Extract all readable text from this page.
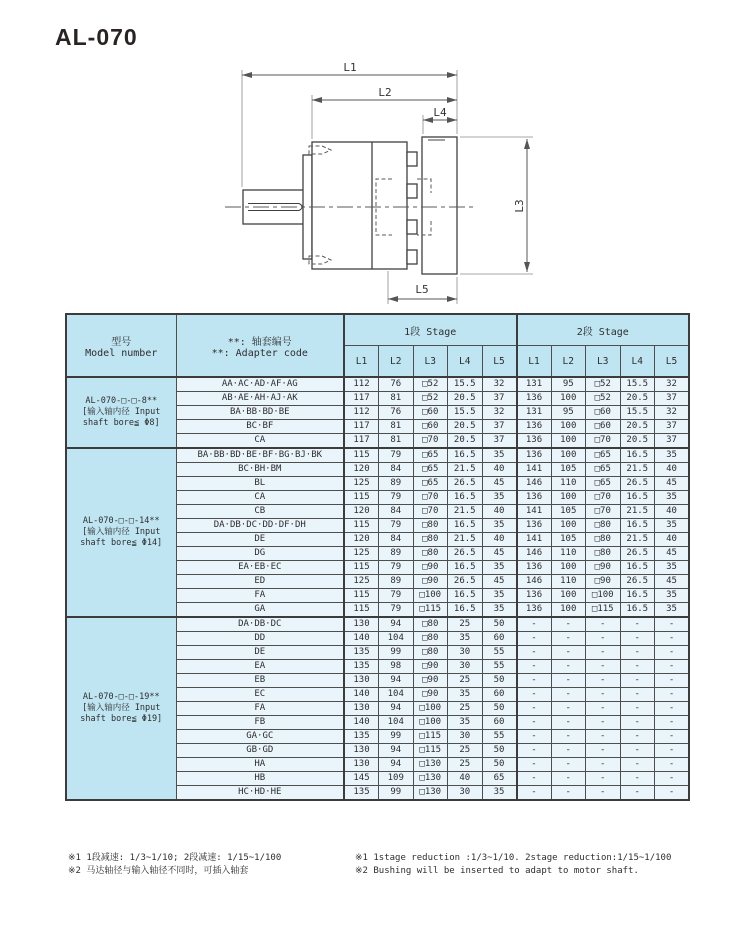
AL-070
L1
L2
L4
L3
L5
型号
Model number

**: 轴套编号
**: Adapter code
	1段 Stage	2段 Stage
		L1	L2	L3	L4	L5	L1	L2	L3	L4	L5

AL-070-□-□-8**
[输入轴内径 Input
shaft bore≦ Φ8]	AA·AC·AD·AF·AG	112	76	□52	15.5	32	131	95	□52	15.5	32
	AB·AE·AH·AJ·AK	117	81	□52	20.5	37	136	100	□52	20.5	37
	BA·BB·BD·BE	112	76	□60	15.5	32	131	95	□60	15.5	32
	BC·BF	117	81	□60	20.5	37	136	100	□60	20.5	37
	CA	117	81	□70	20.5	37	136	100	□70	20.5	37

AL-070-□-□-14**
[输入轴内径 Input
shaft bore≦ Φ14]	BA·BB·BD·BE·BF·BG·BJ·BK	115	79	□65	16.5	35	136	100	□65	16.5	35
	BC·BH·BM	120	84	□65	21.5	40	141	105	□65	21.5	40
	BL	125	89	□65	26.5	45	146	110	□65	26.5	45
	CA	115	79	□70	16.5	35	136	100	□70	16.5	35
	CB	120	84	□70	21.5	40	141	105	□70	21.5	40
	DA·DB·DC·DD·DF·DH	115	79	□80	16.5	35	136	100	□80	16.5	35
	DE	120	84	□80	21.5	40	141	105	□80	21.5	40
	DG	125	89	□80	26.5	45	146	110	□80	26.5	45
	EA·EB·EC	115	79	□90	16.5	35	136	100	□90	16.5	35
	ED	125	89	□90	26.5	45	146	110	□90	26.5	45
	FA	115	79	□100	16.5	35	136	100	□100	16.5	35
	GA	115	79	□115	16.5	35	136	100	□115	16.5	35

AL-070-□-□-19**
[输入轴内径 Input
shaft bore≦ Φ19]	DA·DB·DC	130	94	□80	25	50	-	-	-	-	-
	DD	140	104	□80	35	60	-	-	-	-	-
	DE	135	99	□80	30	55	-	-	-	-	-
	EA	135	98	□90	30	55	-	-	-	-	-
	EB	130	94	□90	25	50	-	-	-	-	-
	EC	140	104	□90	35	60	-	-	-	-	-
	FA	130	94	□100	25	50	-	-	-	-	-
	FB	140	104	□100	35	60	-	-	-	-	-
	GA·GC	135	99	□115	30	55	-	-	-	-	-
	GB·GD	130	94	□115	25	50	-	-	-	-	-
	HA	130	94	□130	25	50	-	-	-	-	-
	HB	145	109	□130	40	65	-	-	-	-	-
	HC·HD·HE	135	99	□130	30	35	-	-	-	-	-
※1 1段减速: 1/3~1/10; 2段减速: 1/15~1/100
※2 马达轴径与输入轴径不同时，可插入轴套
※1 1stage reduction :1/3~1/10. 2stage reduction:1/15~1/100
※2 Bushing will be inserted to adapt to motor shaft.
